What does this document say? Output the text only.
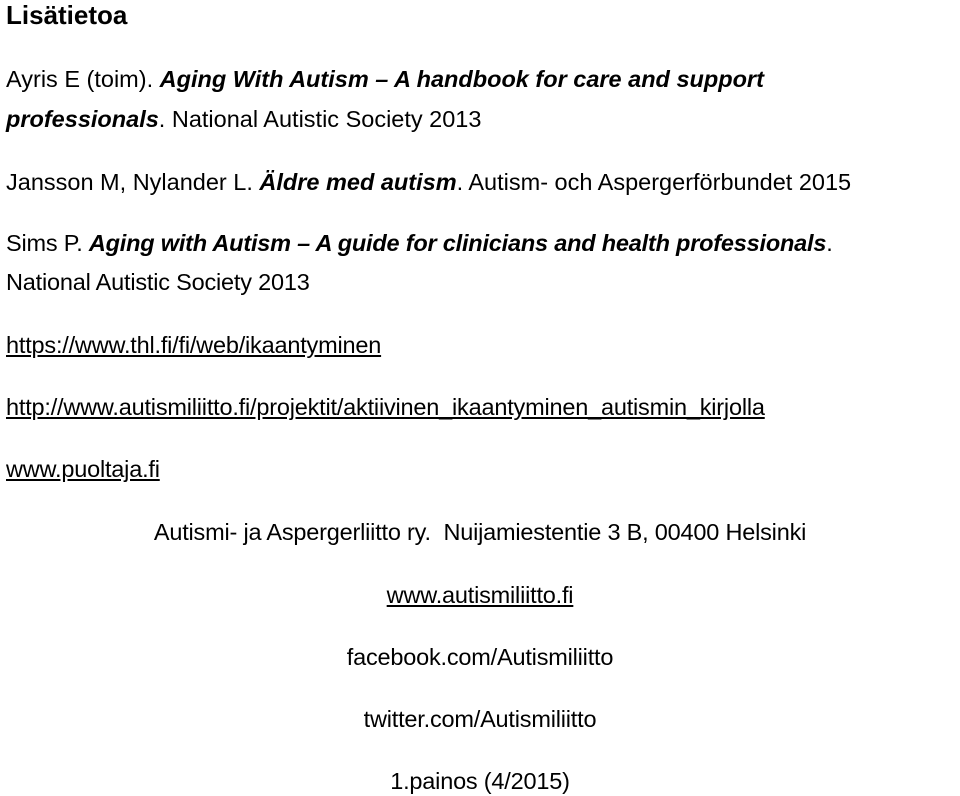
Lisätietoa
Ayris E (toim). Aging With Autism – A handbook for care and support
professionals. National Autistic Society 2013
Jansson M, Nylander L. Äldre med autism. Autism- och Aspergerförbundet 2015
Sims P. Aging with Autism – A guide for clinicians and health professionals.
National Autistic Society 2013
https://www.thl.fi/fi/web/ikaantyminen
http://www.autismiliitto.fi/projektit/aktiivinen_ikaantyminen_autismin_kirjolla
www.puoltaja.fi
Autismi- ja Aspergerliitto ry.  Nuijamiestentie 3 B, 00400 Helsinki
www.autismiliitto.fi
facebook.com/Autismiliitto
twitter.com/Autismiliitto
1.painos (4/2015)
